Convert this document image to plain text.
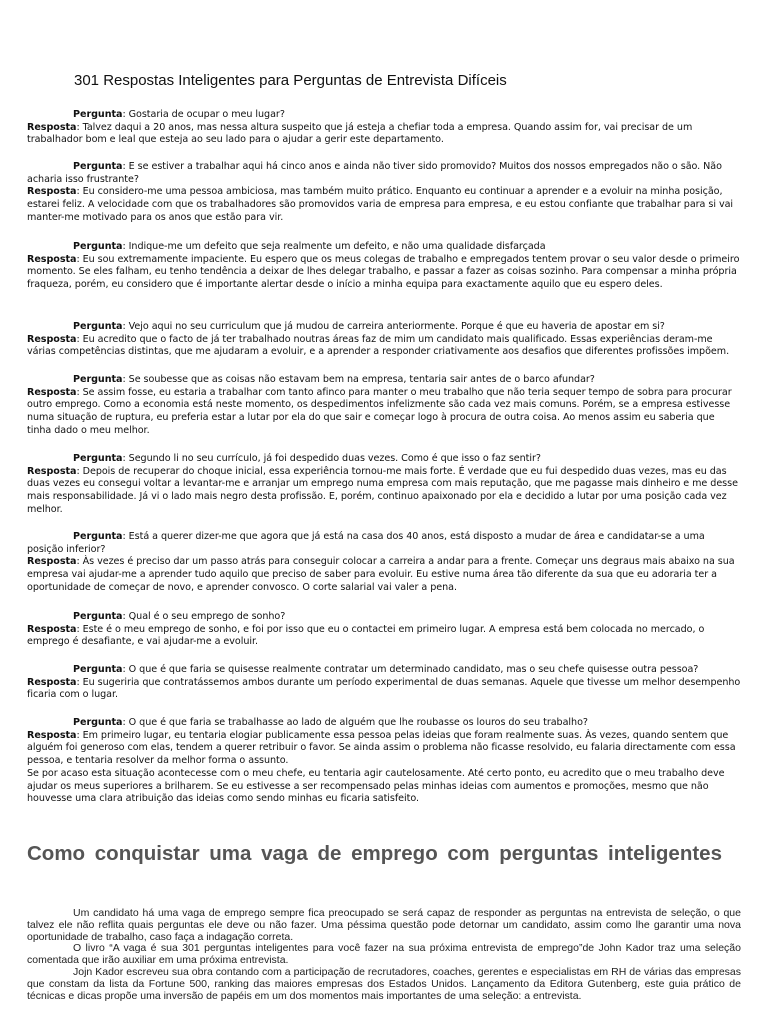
301 Respostas Inteligentes para Perguntas de Entrevista Difíceis

Pergunta: Gostaria de ocupar o meu lugar?

Resposta: Talvez daqui a 20 anos, mas nessa altura suspeito que já esteja a chefiar toda a empresa. Quando assim for, vai precisar de um trabalhador bom e leal que esteja ao seu lado para o ajudar a gerir este departamento.

Pergunta: E se estiver a trabalhar aqui há cinco anos e ainda não tiver sido promovido? Muitos dos nossos empregados não o são. Não acharia isso frustrante?

Resposta: Eu considero-me uma pessoa ambiciosa, mas também muito prático. Enquanto eu continuar a aprender e a evoluir na minha posição, estarei feliz. A velocidade com que os trabalhadores são promovidos varia de empresa para empresa, e eu estou confiante que trabalhar para si vai manter-me motivado para os anos que estão para vir.

Pergunta: Indique-me um defeito que seja realmente um defeito, e não uma qualidade disfarçada

Resposta: Eu sou extremamente impaciente. Eu espero que os meus colegas de trabalho e empregados tentem provar o seu valor desde o primeiro momento. Se eles falham, eu tenho tendência a deixar de lhes delegar trabalho, e passar a fazer as coisas sozinho. Para compensar a minha própria fraqueza, porém, eu considero que é importante alertar desde o início a minha equipa para exactamente aquilo que eu espero deles.

Pergunta: Vejo aqui no seu curriculum que já mudou de carreira anteriormente. Porque é que eu haveria de apostar em si?

Resposta: Eu acredito que o facto de já ter trabalhado noutras áreas faz de mim um candidato mais qualificado. Essas experiências deram-me várias competências distintas, que me ajudaram a evoluir, e a aprender a responder criativamente aos desafios que diferentes profissões impõem.

Pergunta: Se soubesse que as coisas não estavam bem na empresa, tentaria sair antes de o barco afundar?

Resposta: Se assim fosse, eu estaria a trabalhar com tanto afinco para manter o meu trabalho que não teria sequer tempo de sobra para procurar outro emprego. Como a economia está neste momento, os despedimentos infelizmente são cada vez mais comuns. Porém, se a empresa estivesse numa situação de ruptura, eu preferia estar a lutar por ela do que sair e começar logo à procura de outra coisa. Ao menos assim eu saberia que tinha dado o meu melhor.

Pergunta: Segundo li no seu currículo, já foi despedido duas vezes. Como é que isso o faz sentir?

Resposta: Depois de recuperar do choque inicial, essa experiência tornou-me mais forte. É verdade que eu fui despedido duas vezes, mas eu das duas vezes eu consegui voltar a levantar-me e arranjar um emprego numa empresa com mais reputação, que me pagasse mais dinheiro e me desse mais responsabilidade. Já vi o lado mais negro desta profissão. E, porém, continuo apaixonado por ela e decidido a lutar por uma posição cada vez melhor.

Pergunta: Está a querer dizer-me que agora que já está na casa dos 40 anos, está disposto a mudar de área e candidatar-se a uma posição inferior?

Resposta: Às vezes é preciso dar um passo atrás para conseguir colocar a carreira a andar para a frente. Começar uns degraus mais abaixo na sua empresa vai ajudar-me a aprender tudo aquilo que preciso de saber para evoluir. Eu estive numa área tão diferente da sua que eu adoraria ter a oportunidade de começar de novo, e aprender convosco. O corte salarial vai valer a pena.

Pergunta: Qual é o seu emprego de sonho?

Resposta: Este é o meu emprego de sonho, e foi por isso que eu o contactei em primeiro lugar. A empresa está bem colocada no mercado, o emprego é desafiante, e vai ajudar-me a evoluir.

Pergunta: O que é que faria se quisesse realmente contratar um determinado candidato, mas o seu chefe quisesse outra pessoa?

Resposta: Eu sugeriria que contratássemos ambos durante um período experimental de duas semanas. Aquele que tivesse um melhor desempenho ficaria com o lugar.

Pergunta: O que é que faria se trabalhasse ao lado de alguém que lhe roubasse os louros do seu trabalho?

Resposta: Em primeiro lugar, eu tentaria elogiar publicamente essa pessoa pelas ideias que foram realmente suas. Às vezes, quando sentem que alguém foi generoso com elas, tendem a querer retribuir o favor. Se ainda assim o problema não ficasse resolvido, eu falaria directamente com essa pessoa, e tentaria resolver da melhor forma o assunto.

Se por acaso esta situação acontecesse com o meu chefe, eu tentaria agir cautelosamente. Até certo ponto, eu acredito que o meu trabalho deve ajudar os meus superiores a brilharem. Se eu estivesse a ser recompensado pelas minhas ideias com aumentos e promoções, mesmo que não houvesse uma clara atribuição das ideias como sendo minhas eu ficaria satisfeito.

Como conquistar uma vaga de emprego com perguntas inteligentes

Um candidato há uma vaga de emprego sempre fica preocupado se será capaz de responder as perguntas na entrevista de seleção, o que talvez ele não reflita quais perguntas ele deve ou não fazer. Uma péssima questão pode detornar um candidato, assim como lhe garantir uma nova oportunidade de trabalho, caso faça a indagação correta.

O livro “A vaga é sua 301 perguntas inteligentes para você fazer na sua próxima entrevista de emprego”de John Kador traz uma seleção comentada que irão auxiliar em uma próxima entrevista.

Jojn Kador escreveu sua obra contando com a participação de recrutadores, coaches, gerentes e especialistas em RH de várias das empresas que constam da lista da Fortune 500, ranking das maiores empresas dos Estados Unidos. Lançamento da Editora Gutenberg, este guia prático de técnicas e dicas propõe uma inversão de papéis em um dos momentos mais importantes de uma seleção: a entrevista.
